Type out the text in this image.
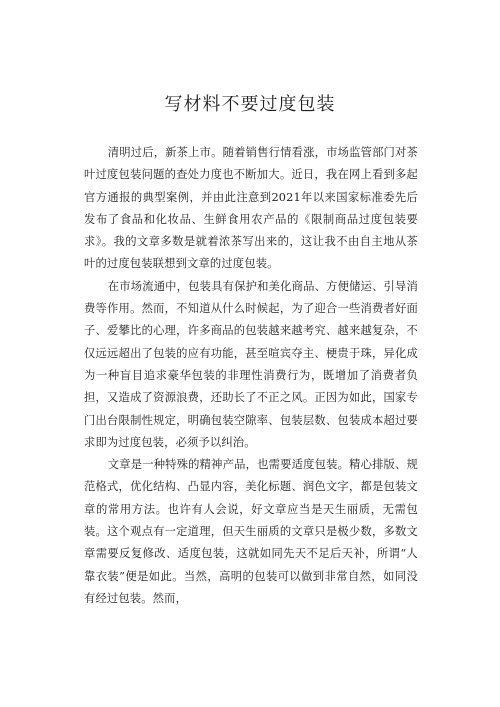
写材料不要过度包装

清明过后，新茶上市。随着销售行情看涨，市场监管部门对茶叶过度包装问题的查处力度也不断加大。近日，我在网上看到多起官方通报的典型案例，并由此注意到2021年以来国家标准委先后发布了食品和化妆品、生鲜食用农产品的《限制商品过度包装要求》。我的文章多数是就着浓茶写出来的，这让我不由自主地从茶叶的过度包装联想到文章的过度包装。

在市场流通中，包装具有保护和美化商品、方便储运、引导消费等作用。然而，不知道从什么时候起，为了迎合一些消费者好面子、爱攀比的心理，许多商品的包装越来越考究、越来越复杂，不仅远远超出了包装的应有功能，甚至喧宾夺主、梗贵于珠，异化成为一种盲目追求豪华包装的非理性消费行为，既增加了消费者负担，又造成了资源浪费，还助长了不正之风。正因为如此，国家专门出台限制性规定，明确包装空隙率、包装层数、包装成本超过要求即为过度包装，必须予以纠治。

文章是一种特殊的精神产品，也需要适度包装。精心排版、规范格式，优化结构、凸显内容，美化标题、润色文字，都是包装文章的常用方法。也许有人会说，好文章应当是天生丽质，无需包装。这个观点有一定道理，但天生丽质的文章只是极少数，多数文章需要反复修改、适度包装，这就如同先天不足后天补，所谓“人靠衣装”便是如此。当然，高明的包装可以做到非常自然，如同没有经过包装。然而，
